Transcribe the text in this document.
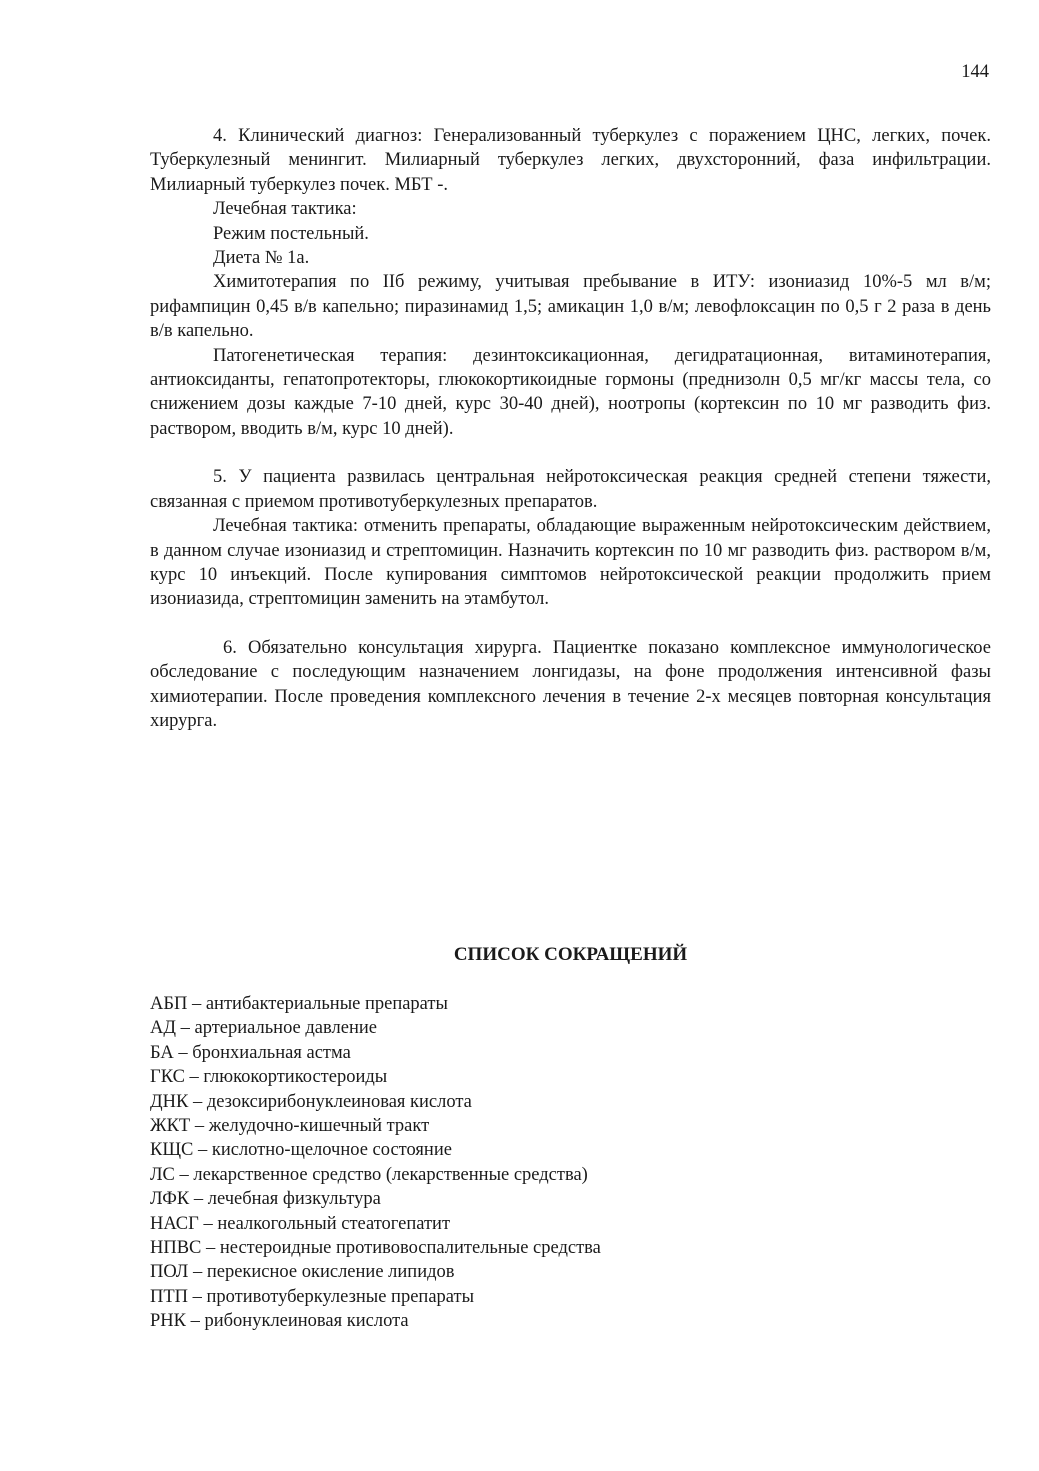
144

4. Клинический диагноз: Генерализованный туберкулез с поражением ЦНС, легких, почек. Туберкулезный менингит. Милиарный туберкулез легких, двухсторонний, фаза инфильтрации. Милиарный туберкулез почек. МБТ -.

Лечебная тактика:

Режим постельный.

Диета № 1а.

Химитотерапия по IIб режиму, учитывая пребывание в ИТУ: изониазид 10%-5 мл в/м; рифампицин 0,45 в/в капельно; пиразинамид 1,5; амикацин 1,0 в/м; левофлоксацин по 0,5 г 2 раза в день в/в капельно.

Патогенетическая терапия: дезинтоксикационная, дегидратационная, витаминотерапия, антиоксиданты, гепатопротекторы, глюкокортикоидные гормоны (преднизолн 0,5 мг/кг массы тела, со снижением дозы каждые 7-10 дней, курс 30-40 дней), ноотропы (кортексин по 10 мг разводить физ. раствором, вводить в/м, курс 10 дней).

5. У пациента развилась центральная нейротоксическая реакция средней степени тяжести, связанная с приемом противотуберкулезных препаратов.

Лечебная тактика: отменить препараты, обладающие выраженным нейротоксическим действием, в данном случае изониазид и стрептомицин. Назначить кортексин по 10 мг разводить физ. раствором в/м, курс 10 инъекций. После купирования симптомов нейротоксической реакции продолжить прием изониазида, стрептомицин заменить на этамбутол.

6. Обязательно консультация хирурга. Пациентке показано комплексное иммунологическое обследование с последующим назначением лонгидазы, на фоне продолжения интенсивной фазы химиотерапии. После проведения комплексного лечения в течение 2-х месяцев повторная консультация хирурга.

СПИСОК СОКРАЩЕНИЙ
АБП – антибактериальные препараты
АД – артериальное давление
БА – бронхиальная астма
ГКС – глюкокортикостероиды
ДНК – дезоксирибонуклеиновая кислота
ЖКТ – желудочно-кишечный тракт
КЩС – кислотно-щелочное состояние
ЛС – лекарственное средство (лекарственные средства)
ЛФК – лечебная физкультура
НАСГ – неалкогольный стеатогепатит
НПВС – нестероидные противовоспалительные средства
ПОЛ – перекисное окисление липидов
ПТП – противотуберкулезные препараты
РНК – рибонуклеиновая кислота
